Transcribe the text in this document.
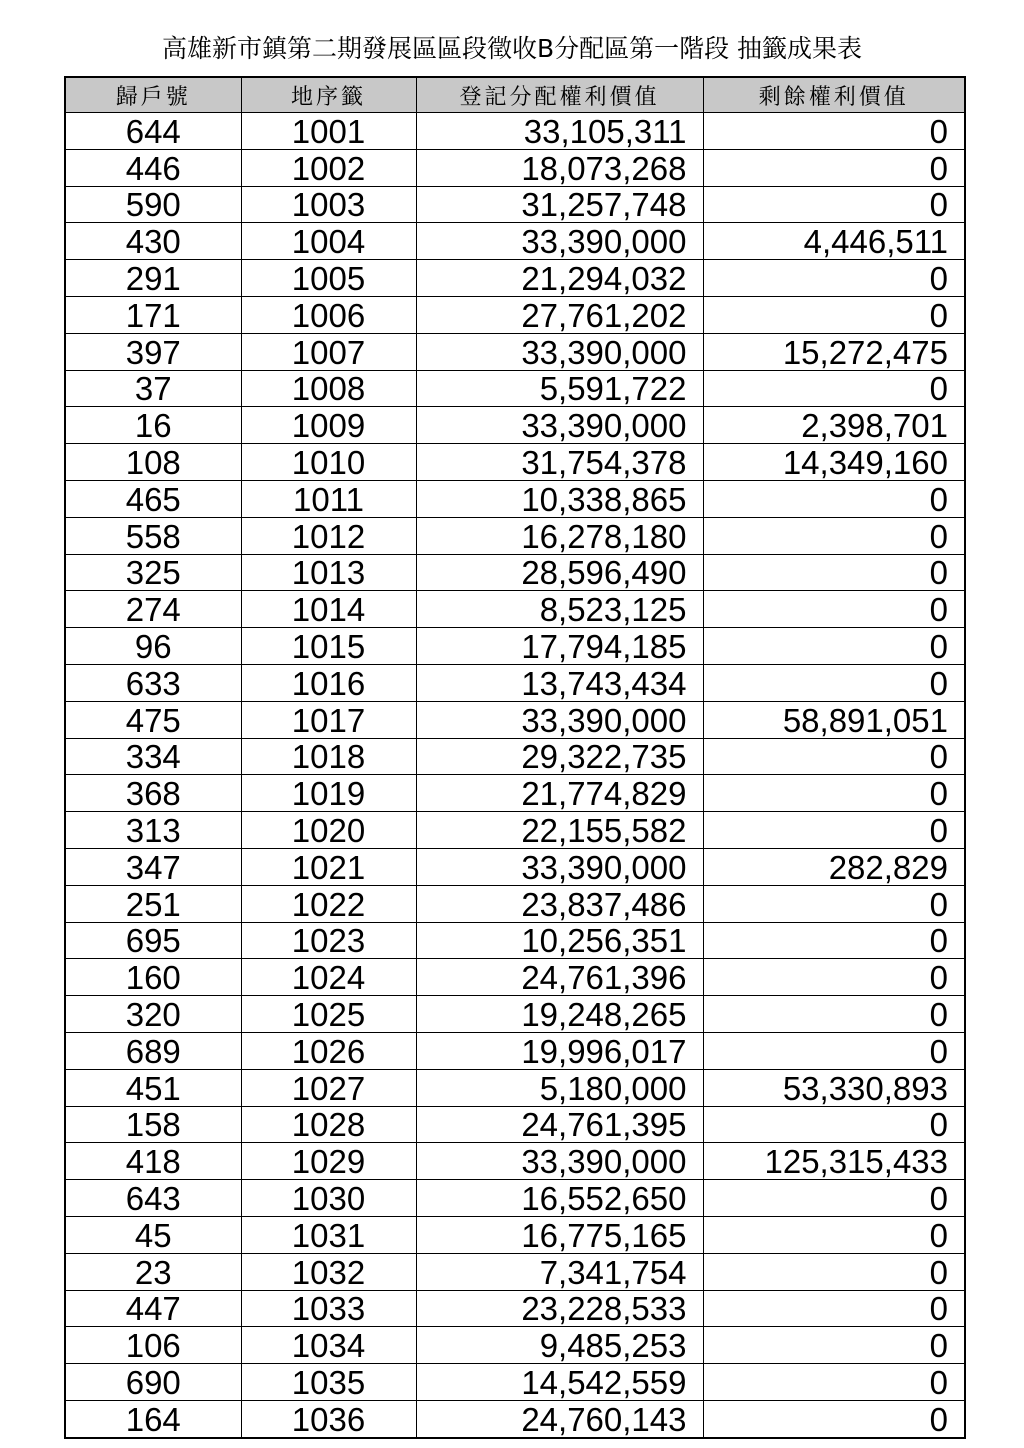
高雄新市鎮第二期發展區區段徵收B分配區第一階段 抽籤成果表
歸戶號	地序籤	登記分配權利價值	剩餘權利價值
644	1001	33,105,311	0
446	1002	18,073,268	0
590	1003	31,257,748	0
430	1004	33,390,000	4,446,511
291	1005	21,294,032	0
171	1006	27,761,202	0
397	1007	33,390,000	15,272,475
37	1008	5,591,722	0
16	1009	33,390,000	2,398,701
108	1010	31,754,378	14,349,160
465	1011	10,338,865	0
558	1012	16,278,180	0
325	1013	28,596,490	0
274	1014	8,523,125	0
96	1015	17,794,185	0
633	1016	13,743,434	0
475	1017	33,390,000	58,891,051
334	1018	29,322,735	0
368	1019	21,774,829	0
313	1020	22,155,582	0
347	1021	33,390,000	282,829
251	1022	23,837,486	0
695	1023	10,256,351	0
160	1024	24,761,396	0
320	1025	19,248,265	0
689	1026	19,996,017	0
451	1027	5,180,000	53,330,893
158	1028	24,761,395	0
418	1029	33,390,000	125,315,433
643	1030	16,552,650	0
45	1031	16,775,165	0
23	1032	7,341,754	0
447	1033	23,228,533	0
106	1034	9,485,253	0
690	1035	14,542,559	0
164	1036	24,760,143	0
